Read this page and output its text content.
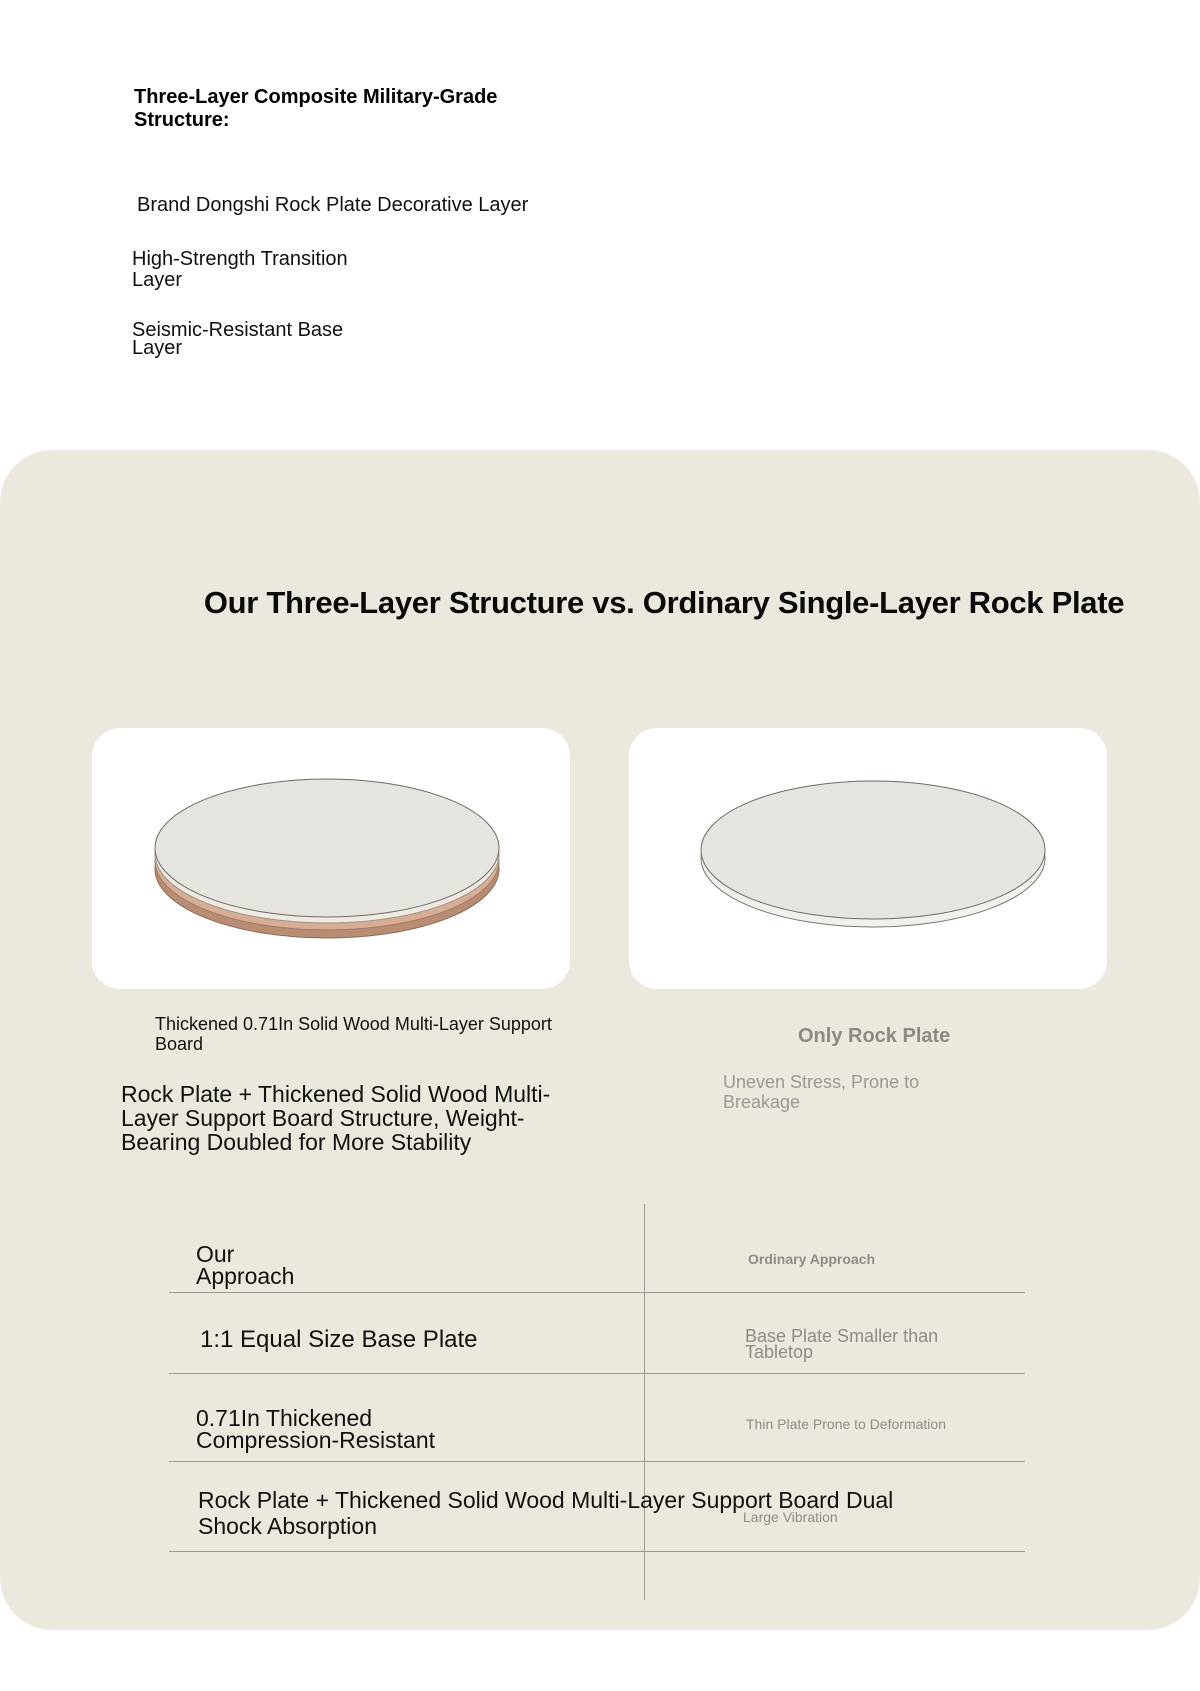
Three-Layer Composite Military-Grade Structure:
Brand Dongshi Rock Plate Decorative Layer
High-Strength Transition Layer
Seismic-Resistant Base Layer
Our Three-Layer Structure vs. Ordinary Single-Layer Rock Plate
Thickened 0.71In Solid Wood Multi-Layer Support Board
Rock Plate + Thickened Solid Wood Multi-Layer Support Board Structure, Weight-Bearing Doubled for More Stability
Only Rock Plate
Uneven Stress, Prone to Breakage
Our Approach
Ordinary Approach
1:1 Equal Size Base Plate	Base Plate Smaller than Tabletop
0.71In Thickened Compression-Resistant
Thin Plate Prone to Deformation
Rock Plate + Thickened Solid Wood Multi-Layer Support Board Dual Shock Absorption	Large Vibration
